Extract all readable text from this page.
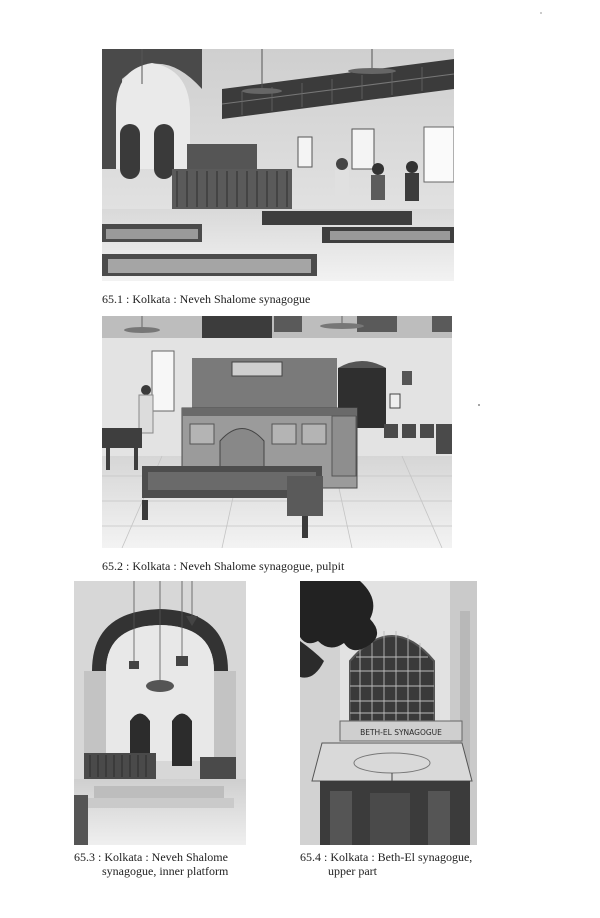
65.1 : Kolkata : Neveh Shalome synagogue
65.2 : Kolkata : Neveh Shalome synagogue, pulpit
65.3 : Kolkata : Neveh Shalome
synagogue, inner platform
BETH-EL SYNAGOGUE
65.4 : Kolkata : Beth-El synagogue,
upper part
